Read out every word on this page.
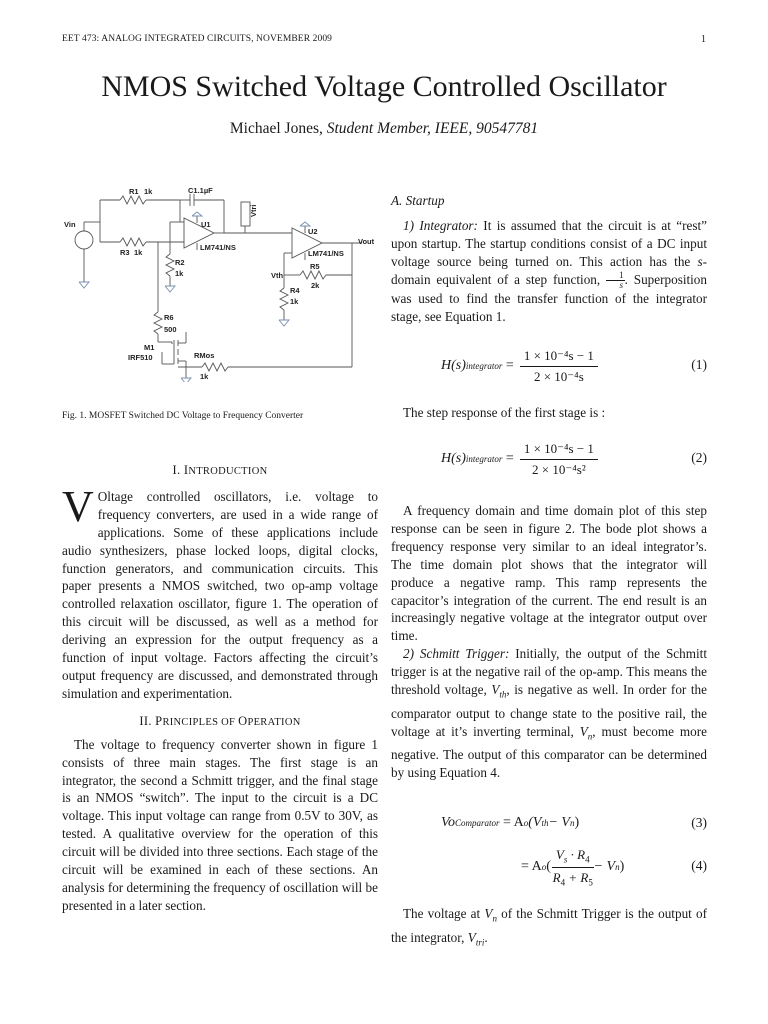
EET 473: ANALOG INTEGRATED CIRCUITS, NOVEMBER 2009	1
NMOS Switched Voltage Controlled Oscillator
Michael Jones, Student Member, IEEE, 90547781
R1 1k	C1.1µF
Vtri
Vin
R3 1k
U1
LM741/NS
U2
LM741/NS
Vout
R2
1k	Vth
R5
2k
R4
1k
R6
500
M1
IRF510	RMos
1k
Fig. 1. MOSFET Switched DC Voltage to Frequency Converter
I. INTRODUCTION

V Oltage controlled oscillators, i.e. voltage to frequency converters, are used in a wide range of applications. Some of these applications include audio synthesizers, phase locked loops, digital clocks, function generators, and communication circuits. This paper presents a NMOS switched, two op-amp voltage controlled relaxation oscillator, figure 1. The operation of this circuit will be discussed, as well as a method for deriving an expression for the output frequency as a function of input voltage. Factors affecting the circuit’s output frequency are discussed, and demonstrated through simulation and experimentation.

II. PRINCIPLES OF OPERATION

The voltage to frequency converter shown in figure 1 consists of three main stages. The first stage is an integrator, the second a Schmitt trigger, and the final stage is an NMOS “switch”. The input to the circuit is a DC voltage. This input voltage can range from 0.5V to 30V, as tested. A qualitative overview for the operation of this circuit will be divided into three sections. Each stage of the circuit will be examined in each of these sections. An analysis for determining the frequency of oscillation will be presented in a later section.

A. Startup

1) Integrator: It is assumed that the circuit is at “rest” upon startup. The startup conditions consist of a DC input voltage source being turned on. This action has the s-domain equivalent of a step function, $\frac{1}{s}$ . Superposition was used to find the transfer function of the integrator stage, see Equation 1.

H(s) integrator = $\frac{\text{1 × 10⁻⁴s − 1}}{\text{2 × 10⁻⁴s}}$	(1)

The step response of the first stage is :

H(s) integrator = $\frac{\text{1 × 10⁻⁴s − 1}}{\text{2 × 10⁻⁴s²}}$	(2)

A frequency domain and time domain plot of this step response can be seen in figure 2. The bode plot shows a frequency response very similar to an ideal integrator’s. The time domain plot shows that the integrator will produce a negative ramp. This ramp represents the capacitor’s integration of the current. The end result is an increasingly negative voltage at the integrator output over time.

2) Schmitt Trigger: Initially, the output of the Schmitt trigger is at the negative rail of the op-amp. This means the threshold voltage, $V_{th}$, is negative as well. In order for the comparator output to change state to the positive rail, the voltage at it’s inverting terminal, $V_n$, must become more negative. The output of this comparator can be determined by using Equation 4.

Vo Comparator
= A o (V th − V n )	(3)
= A o ( $\frac{V_s \cdot R_4}{R_4 + R_5} - V$ n )	(4)

The voltage at $V_n$ of the Schmitt Trigger is the output of the integrator, $V_{tri}$.
